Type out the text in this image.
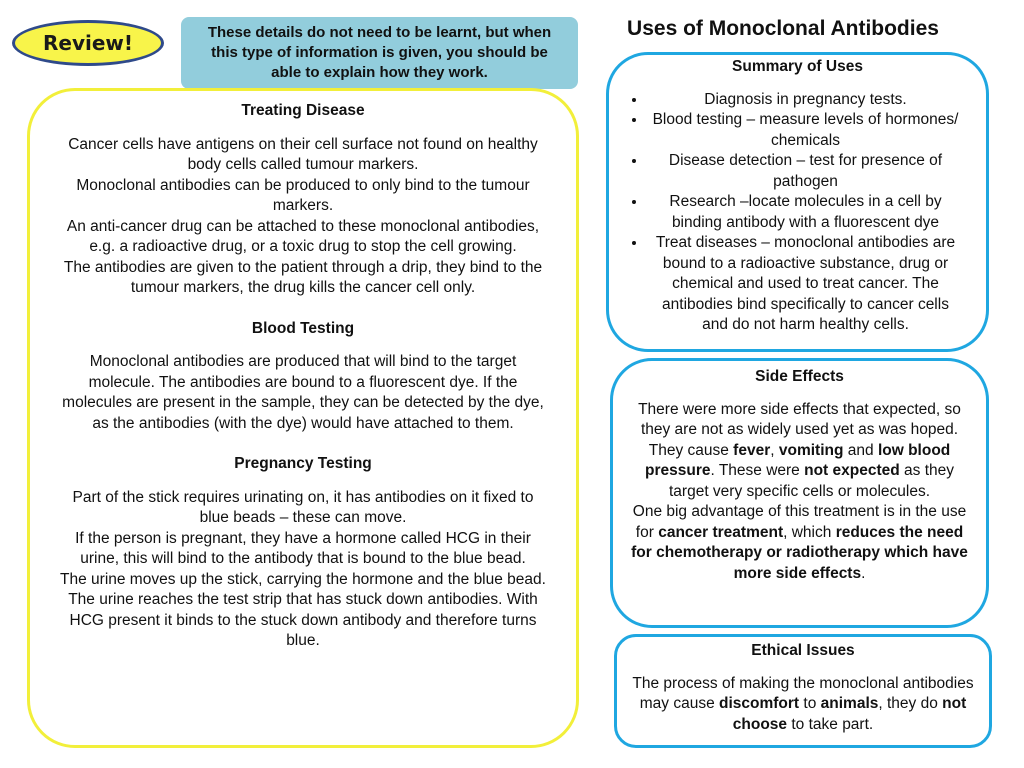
Review!	These details do not need to be learnt, but when this type of information is given, you should be able to explain how they work.
Uses of Monoclonal Antibodies
Treating Disease

Cancer cells have antigens on their cell surface not found on healthy body cells called tumour markers.
Monoclonal antibodies can be produced to only bind to the tumour markers.
An anti-cancer drug can be attached to these monoclonal antibodies, e.g. a radioactive drug, or a toxic drug to stop the cell growing.
The antibodies are given to the patient through a drip, they bind to the tumour markers, the drug kills the cancer cell only.

Blood Testing

Monoclonal antibodies are produced that will bind to the target molecule. The antibodies are bound to a fluorescent dye. If the molecules are present in the sample, they can be detected by the dye, as the antibodies (with the dye) would have attached to them.

Pregnancy Testing

Part of the stick requires urinating on, it has antibodies on it fixed to blue beads – these can move.
If the person is pregnant, they have a hormone called HCG in their urine, this will bind to the antibody that is bound to the blue bead.
The urine moves up the stick, carrying the hormone and the blue bead.
The urine reaches the test strip that has stuck down antibodies. With HCG present it binds to the stuck down antibody and therefore turns blue.

Summary of Uses
• Diagnosis in pregnancy tests.
• Blood testing – measure levels of hormones/ chemicals
• Disease detection – test for presence of pathogen
• Research –locate molecules in a cell by binding antibody with a fluorescent dye
• Treat diseases – monoclonal antibodies are bound to a radioactive substance, drug or chemical and used to treat cancer. The antibodies bind specifically to cancer cells and do not harm healthy cells.
Side Effects

There were more side effects that expected, so they are not as widely used yet as was hoped. They cause fever, vomiting and low blood pressure. These were not expected as they target very specific cells or molecules.
One big advantage of this treatment is in the use for cancer treatment, which reduces the need for chemotherapy or radiotherapy which have more side effects.

Ethical Issues

The process of making the monoclonal antibodies may cause discomfort to animals, they do not choose to take part.
